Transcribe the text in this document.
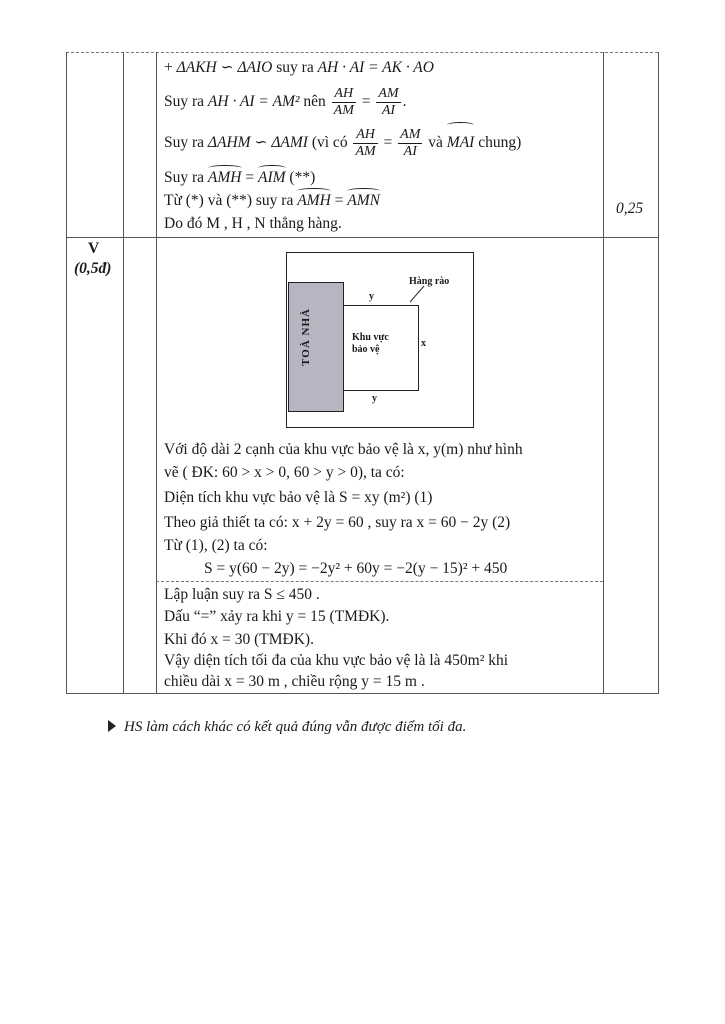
+ ΔAKH ∽ ΔAIO suy ra AH · AI = AK · AO
Suy ra AH · AI = AM² nên $\frac{AH}{AM} = \frac{AM}{AI}$ .
Suy ra ΔAHM ∽ ΔAMI (vì có $\frac{AH}{AM} = \frac{AM}{AI}$ và MAI chung)
Suy ra AMH = AIM (**)
Từ (*) và (**) suy ra AMH = AMN
Do đó M , H , N thẳng hàng.
0,25
V
(0,5đ)
TOÀ NHÀ
Hàng rào
y
y
x
Khu vực
bảo vệ
Với độ dài 2 cạnh của khu vực bảo vệ là x, y(m) như hình
vẽ ( ĐK: 60 > x > 0, 60 > y > 0), ta có:
Diện tích khu vực bảo vệ là S = xy (m²) (1)
Theo giả thiết ta có: x + 2y = 60 , suy ra x = 60 − 2y (2)
Từ (1), (2) ta có:
S = y(60 − 2y) = −2y² + 60y = −2(y − 15)² + 450
Lập luận suy ra S ≤ 450 .
Dấu “=” xảy ra khi y = 15 (TMĐK).
Khi đó x = 30 (TMĐK).
Vậy diện tích tối đa của khu vực bảo vệ là là 450m² khi
chiều dài x = 30 m , chiều rộng y = 15 m .
HS làm cách khác có kết quả đúng vẫn được điểm tối đa.
